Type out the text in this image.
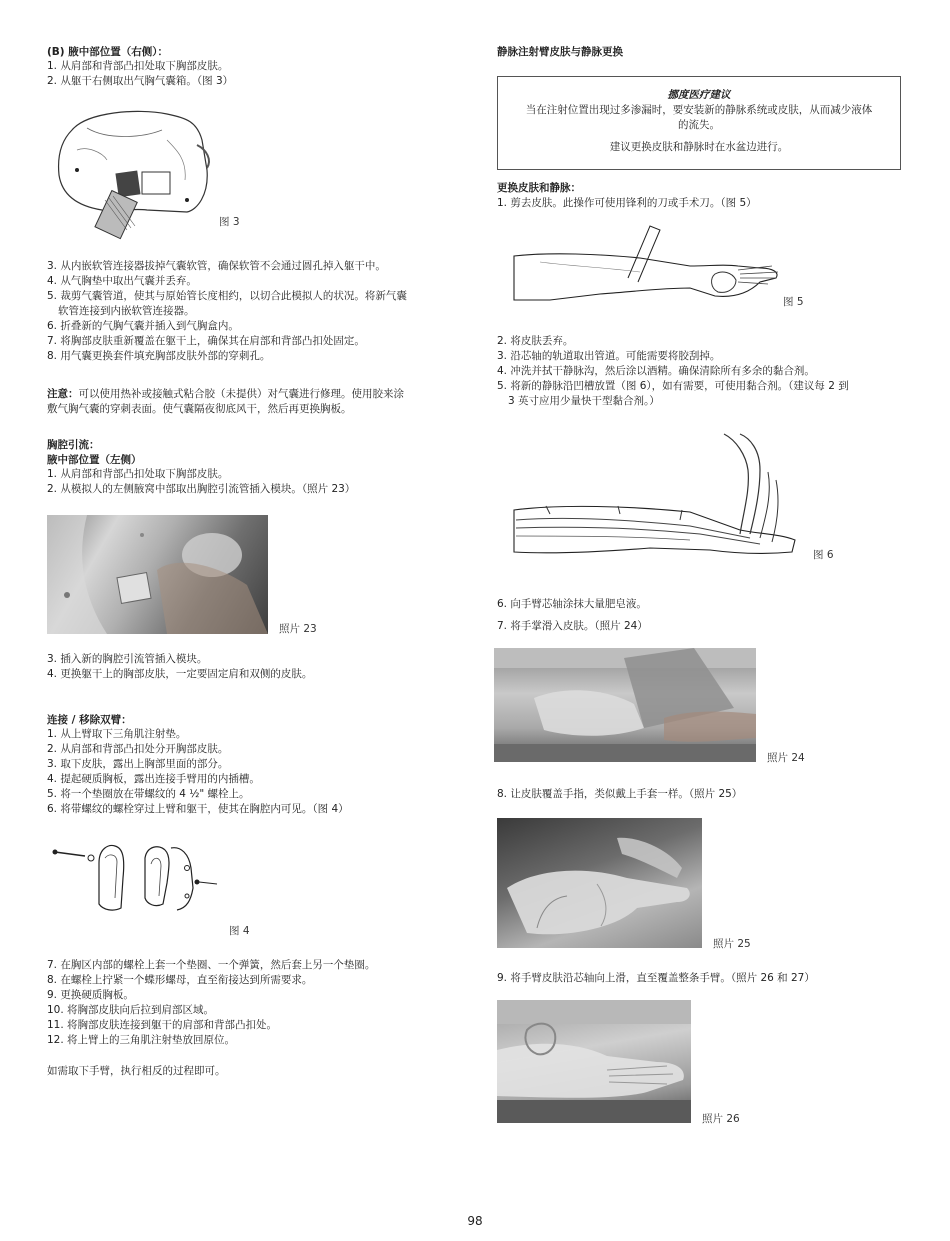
(B) 腋中部位置（右侧）：
1. 从肩部和背部凸扣处取下胸部皮肤。
2. 从躯干右侧取出气胸气囊箱。（图 3）
图 3
3. 从内嵌软管连接器拔掉气囊软管，确保软管不会通过圆孔掉入躯干中。
4. 从气胸垫中取出气囊并丢弃。
5. 裁剪气囊管道，使其与原始管长度相约，以切合此模拟人的状况。将新气囊
软管连接到内嵌软管连接器。
6. 折叠新的气胸气囊并插入到气胸盒内。
7. 将胸部皮肤重新覆盖在躯干上，确保其在肩部和背部凸扣处固定。
8. 用气囊更换套件填充胸部皮肤外部的穿刺孔。
注意：可以使用热补或接触式粘合胶（未提供）对气囊进行修理。使用胶来涂
敷气胸气囊的穿刺表面。使气囊隔夜彻底风干，然后再更换胸板。
胸腔引流：
腋中部位置（左侧）
1. 从肩部和背部凸扣处取下胸部皮肤。
2. 从模拟人的左侧腋窝中部取出胸腔引流管插入模块。（照片 23）
照片 23
3. 插入新的胸腔引流管插入模块。
4. 更换躯干上的胸部皮肤，一定要固定肩和双侧的皮肤。
连接 / 移除双臂：
1. 从上臂取下三角肌注射垫。
2. 从肩部和背部凸扣处分开胸部皮肤。
3. 取下皮肤，露出上胸部里面的部分。
4. 提起硬质胸板，露出连接手臂用的内插槽。
5. 将一个垫圈放在带螺纹的 4 ½" 螺栓上。
6. 将带螺纹的螺栓穿过上臂和躯干，使其在胸腔内可见。（图 4）
图 4
7. 在胸区内部的螺栓上套一个垫圈、一个弹簧，然后套上另一个垫圈。
8. 在螺栓上拧紧一个蝶形螺母，直至衔接达到所需要求。
9. 更换硬质胸板。
10. 将胸部皮肤向后拉到肩部区域。
11. 将胸部皮肤连接到躯干的肩部和背部凸扣处。
12. 将上臂上的三角肌注射垫放回原位。
如需取下手臂，执行相反的过程即可。
静脉注射臂皮肤与静脉更换
挪度医疗建议
当在注射位置出现过多渗漏时，要安装新的静脉系统或皮肤，从而减少液体
的流失。
建议更换皮肤和静脉时在水盆边进行。
更换皮肤和静脉：
1. 剪去皮肤。此操作可使用锋利的刀或手术刀。（图 5）
图 5
2. 将皮肤丢弃。
3. 沿芯轴的轨道取出管道。可能需要将胶刮掉。
4. 冲洗并拭干静脉沟，然后涂以酒精。确保清除所有多余的黏合剂。
5. 将新的静脉沿凹槽放置（图 6），如有需要，可使用黏合剂。（建议每 2 到
3 英寸应用少量快干型黏合剂。）
图 6
6. 向手臂芯轴涂抹大量肥皂液。
7. 将手掌滑入皮肤。（照片 24）
照片 24
8. 让皮肤覆盖手指，类似戴上手套一样。（照片 25）
照片 25
9. 将手臂皮肤沿芯轴向上滑，直至覆盖整条手臂。（照片 26 和 27）
照片 26
98
